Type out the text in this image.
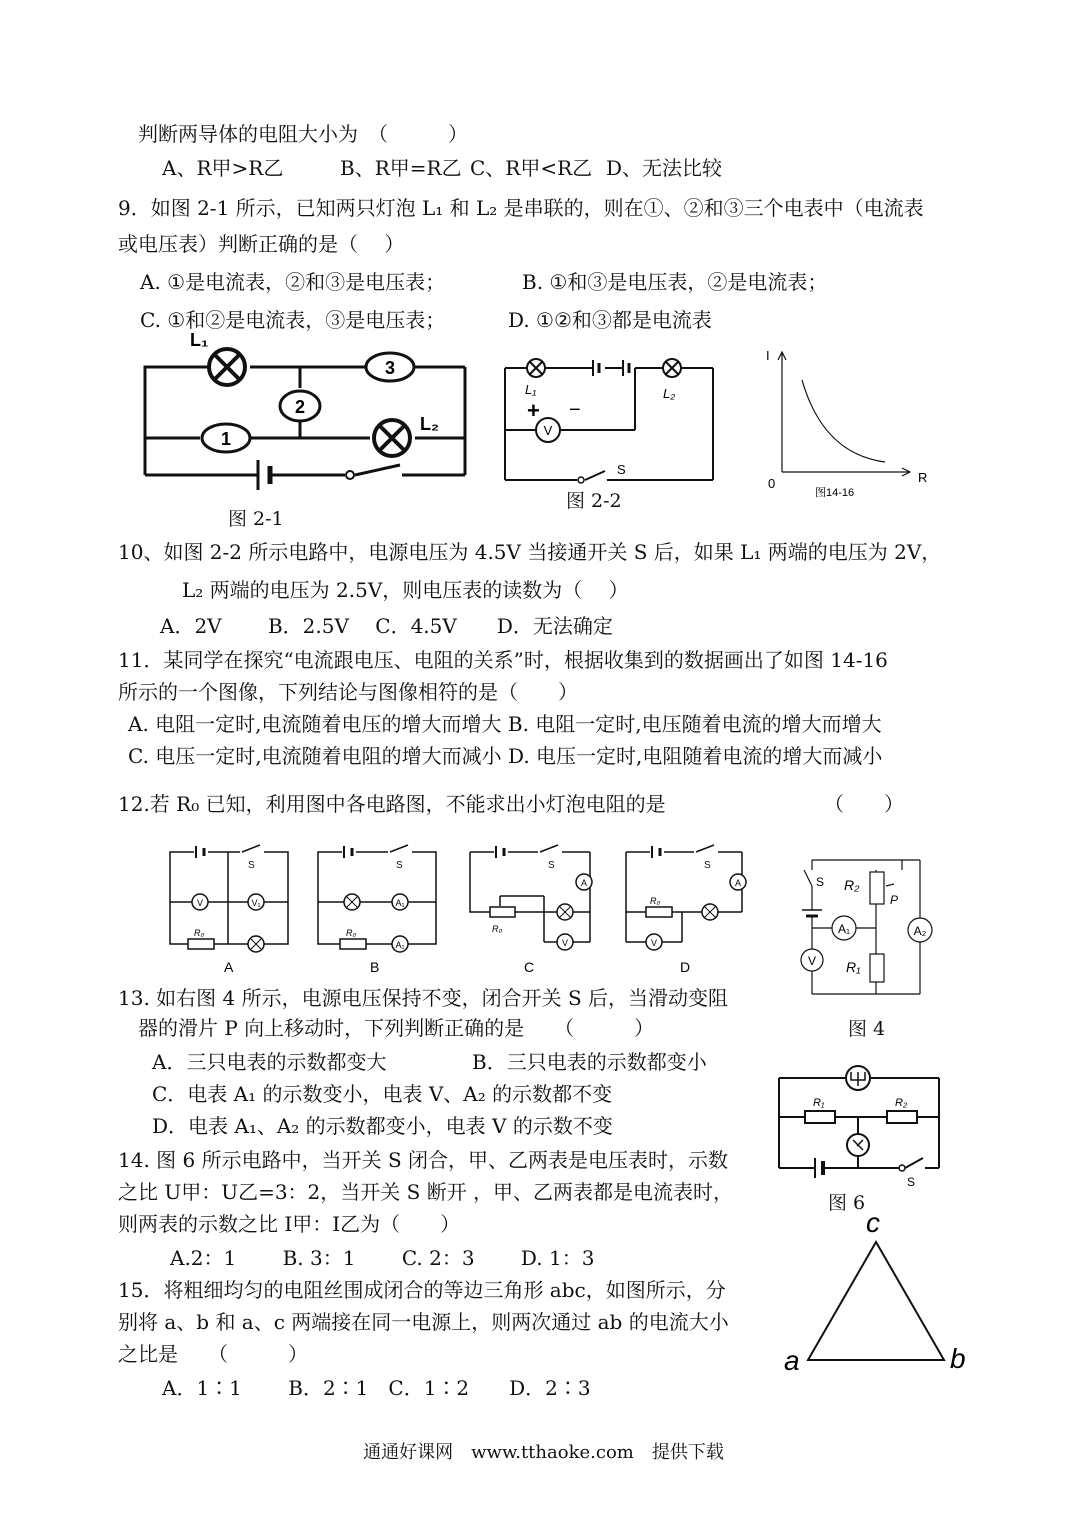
判断两导体的电阻大小为　（　　　）
A、R甲>R乙	B、R甲=R乙 C、R甲<R乙 D、无法比较
9．如图 2-1 所示，已知两只灯泡 L₁ 和 L₂ 是串联的，则在①、②和③三个电表中（电流表
或电压表）判断正确的是（　 ）
A. ①是电流表，②和③是电压表；	B. ①和③是电压表，②是电流表；
C. ①和②是电流表，③是电压表；	D. ①②和③都是电流表
10、如图 2-2 所示电路中，电源电压为 4.5V 当接通开关 S 后，如果 L₁ 两端的电压为 2V，
L₂ 两端的电压为 2.5V，则电压表的读数为（　 ）
A．2V　　 B．2.5V　 C．4.5V　　D．无法确定
11．某同学在探究“电流跟电压、电阻的关系”时，根据收集到的数据画出了如图 14-16
所示的一个图像，下列结论与图像相符的是（　　）
A. 电阻一定时,电流随着电压的增大而增大 B. 电阻一定时,电压随着电流的增大而增大
C. 电压一定时,电流随着电阻的增大而减小 D. 电压一定时,电阻随着电流的增大而减小
12.若 R₀ 已知，利用图中各电路图，不能求出小灯泡电阻的是	（　　）
13. 如右图 4 所示，电源电压保持不变，闭合开关 S 后，当滑动变阻
器的滑片 P 向上移动时，下列判断正确的是　　（　　　）
A．三只电表的示数都变大	B．三只电表的示数都变小
C．电表 A₁ 的示数变小，电表 V、A₂ 的示数都不变
D．电表 A₁、A₂ 的示数都变小，电表 V 的示数不变
14. 图 6 所示电路中，当开关 S 闭合，甲、乙两表是电压表时，示数
之比 U甲：U乙=3：2，当开关 S 断开 ，甲、乙两表都是电流表时，
则两表的示数之比 I甲：I乙为（　　）
A.2：1　　 B. 3：1　　 C. 2：3　　 D. 1：3
15．将粗细均匀的电阻丝围成闭合的等边三角形 abc，如图所示，分
别将 a、b 和 a、c 两端接在同一电源上，则两次通过 ab 的电流大小
之比是　　（　　　）
A．1∶1　　 B．2∶1　C．1∶2　　D．2∶3
通通好课网　www.tthaoke.com　提供下载
3
2
1
L₁
L₂
图 2-1
V
L₁	L₂
+ −
S
图 2-2
I
R
0
图14-16
S	S	S	S
V	V₁
R₀
A₁
R₀
A₁
A
R₀
V
A
R₀
V
A	B	C	D
S R₂
P
A₁	A₂
V R₁
图 4
R₁	R₂
S
图 6
a	b
c
